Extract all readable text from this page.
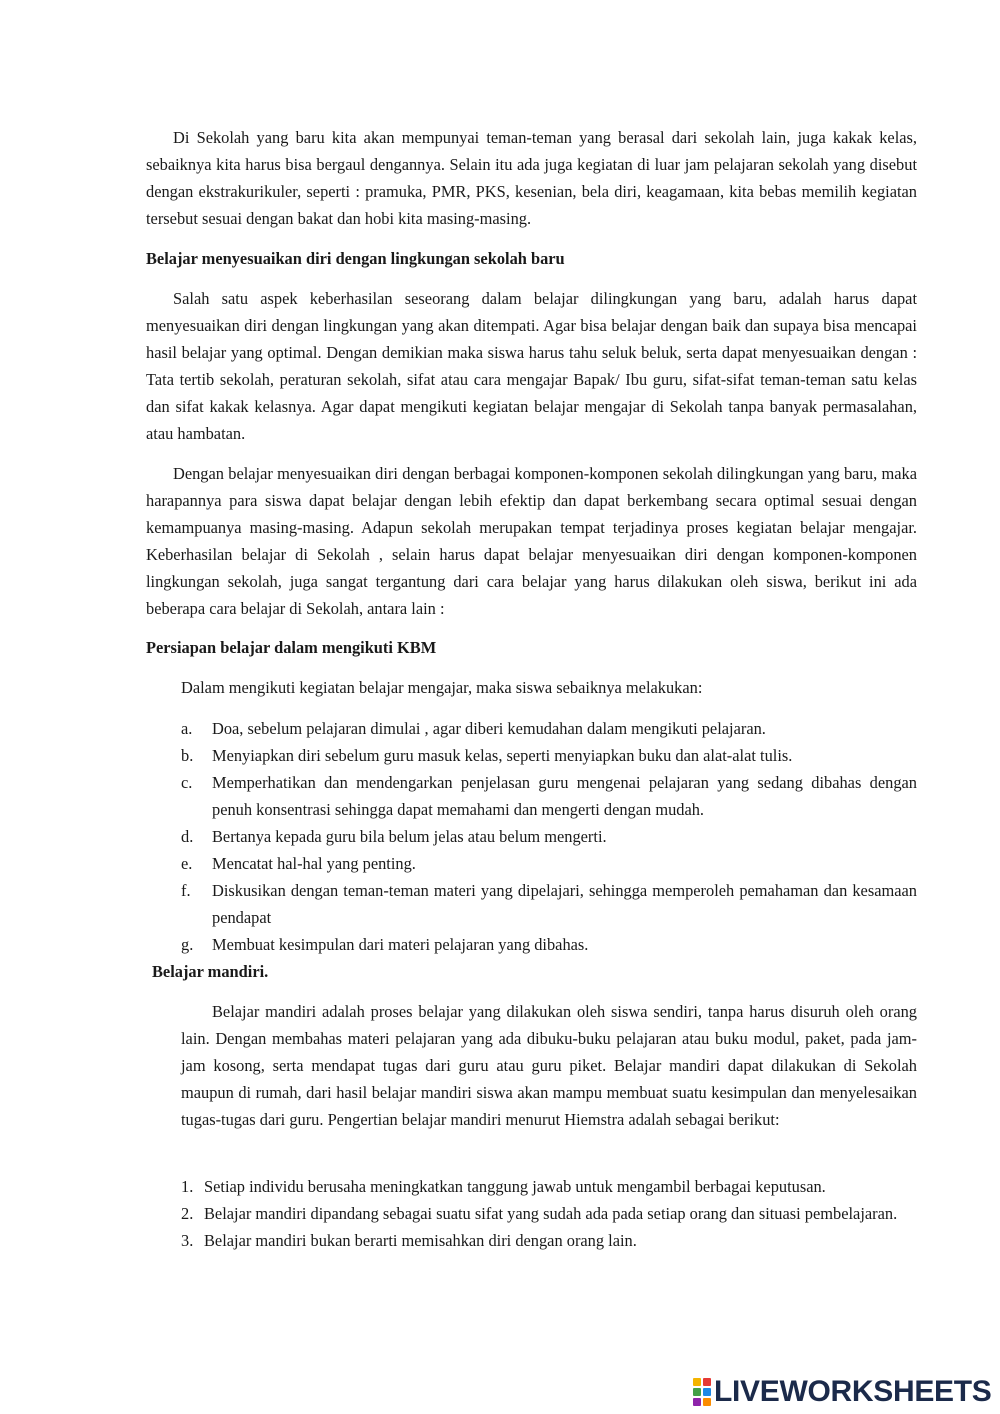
Di Sekolah yang baru kita akan mempunyai teman-teman yang berasal dari sekolah lain, juga kakak kelas, sebaiknya kita harus bisa bergaul dengannya. Selain itu ada juga kegiatan di luar jam pelajaran sekolah yang disebut dengan ekstrakurikuler, seperti : pramuka, PMR, PKS, kesenian, bela diri, keagamaan, kita bebas memilih kegiatan tersebut sesuai dengan bakat dan hobi kita masing-masing.

Belajar menyesuaikan diri dengan lingkungan sekolah baru

Salah satu aspek keberhasilan seseorang dalam belajar dilingkungan yang baru, adalah harus dapat menyesuaikan diri dengan lingkungan yang akan ditempati. Agar bisa belajar dengan baik dan supaya bisa mencapai hasil belajar yang optimal. Dengan demikian maka siswa harus tahu seluk beluk, serta dapat menyesuaikan dengan : Tata tertib sekolah, peraturan sekolah, sifat atau cara mengajar Bapak/ Ibu guru, sifat-sifat teman-teman satu kelas dan sifat kakak kelasnya. Agar dapat mengikuti kegiatan belajar mengajar di Sekolah tanpa banyak permasalahan, atau hambatan.

Dengan belajar menyesuaikan diri dengan berbagai komponen-komponen sekolah dilingkungan yang baru, maka harapannya para siswa dapat belajar dengan lebih efektip dan dapat berkembang secara optimal sesuai dengan kemampuanya masing-masing. Adapun sekolah merupakan tempat terjadinya proses kegiatan belajar mengajar. Keberhasilan belajar di Sekolah , selain harus dapat belajar menyesuaikan diri dengan komponen-komponen lingkungan sekolah, juga sangat tergantung dari cara belajar yang harus dilakukan oleh siswa, berikut ini ada beberapa cara belajar di Sekolah, antara lain :

Persiapan belajar dalam mengikuti KBM

Dalam mengikuti kegiatan belajar mengajar, maka siswa sebaiknya melakukan:

a. Doa, sebelum pelajaran dimulai , agar diberi kemudahan dalam mengikuti pelajaran.
b. Menyiapkan diri sebelum guru masuk kelas, seperti menyiapkan buku dan alat-alat tulis.
c. Memperhatikan dan mendengarkan penjelasan guru mengenai pelajaran yang sedang dibahas dengan penuh konsentrasi sehingga dapat memahami dan mengerti dengan mudah.
d. Bertanya kepada guru bila belum jelas atau belum mengerti.
e. Mencatat hal-hal yang penting.
f. Diskusikan dengan teman-teman materi yang dipelajari, sehingga memperoleh pemahaman dan kesamaan pendapat
g. Membuat kesimpulan dari materi pelajaran yang dibahas.
Belajar mandiri.

Belajar mandiri adalah proses belajar yang dilakukan oleh siswa sendiri, tanpa harus disuruh oleh orang lain. Dengan membahas materi pelajaran yang ada dibuku-buku pelajaran atau buku modul, paket, pada jam-jam kosong, serta mendapat tugas dari guru atau guru piket. Belajar mandiri dapat dilakukan di Sekolah maupun di rumah, dari hasil belajar mandiri siswa akan mampu membuat suatu kesimpulan dan menyelesaikan tugas-tugas dari guru. Pengertian belajar mandiri menurut Hiemstra adalah sebagai berikut:

1. Setiap individu berusaha meningkatkan tanggung jawab untuk mengambil berbagai keputusan.
2. Belajar mandiri dipandang sebagai suatu sifat yang sudah ada pada setiap orang dan situasi pembelajaran.
3. Belajar mandiri bukan berarti memisahkan diri dengan orang lain.
LIVEWORKSHEETS
